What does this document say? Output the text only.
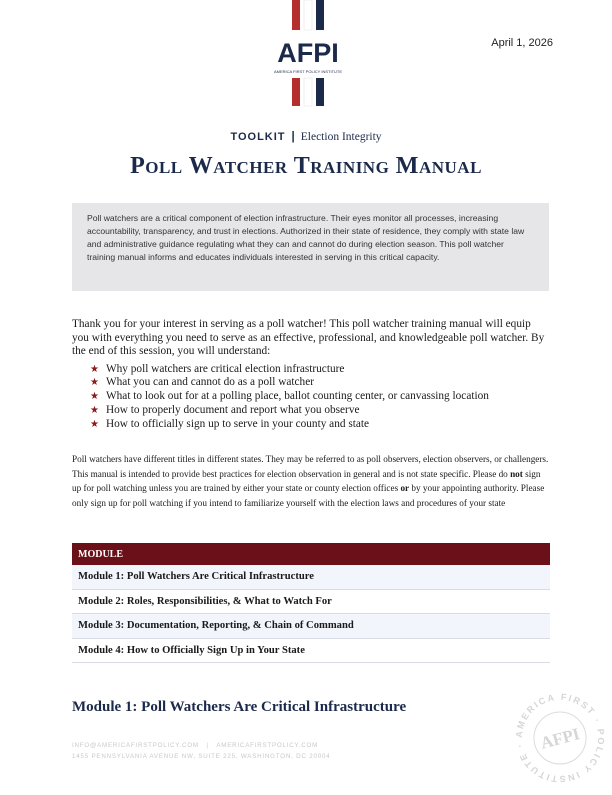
AFPI
AMERICA FIRST POLICY INSTITUTE
April 1, 2026
TOOLKIT | Election Integrity
Poll Watcher Training Manual
Poll watchers are a critical component of election infrastructure. Their eyes monitor all processes, increasing accountability, transparency, and trust in elections. Authorized in their state of residence, they comply with state law and administrative guidance regulating what they can and cannot do during election season. This poll watcher training manual informs and educates individuals interested in serving in this critical capacity.

Thank you for your interest in serving as a poll watcher! This poll watcher training manual will equip you with everything you need to serve as an effective, professional, and knowledgeable poll watcher. By the end of this session, you will understand:

★ Why poll watchers are critical election infrastructure
★ What you can and cannot do as a poll watcher
★ What to look out for at a polling place, ballot counting center, or canvassing location
★ How to properly document and report what you observe
★ How to officially sign up to serve in your county and state

Poll watchers have different titles in different states. They may be referred to as poll observers, election observers, or challengers. This manual is intended to provide best practices for election observation in general and is not state specific. Please do not sign up for poll watching unless you are trained by either your state or county election offices or by your appointing authority. Please only sign up for poll watching if you intend to familiarize yourself with the election laws and procedures of your state

MODULE
Module 1: Poll Watchers Are Critical Infrastructure
Module 2: Roles, Responsibilities, & What to Watch For
Module 3: Documentation, Reporting, & Chain of Command
Module 4: How to Officially Sign Up in Your State
Module 1: Poll Watchers Are Critical Infrastructure
INFO@AMERICAFIRSTPOLICY.COM | AMERICAFIRSTPOLICY.COM
1455 PENNSYLVANIA AVENUE NW, SUITE 225, WASHINGTON, DC 20004
AMERICA FIRST · POLICY INSTITUTE · AFPI
